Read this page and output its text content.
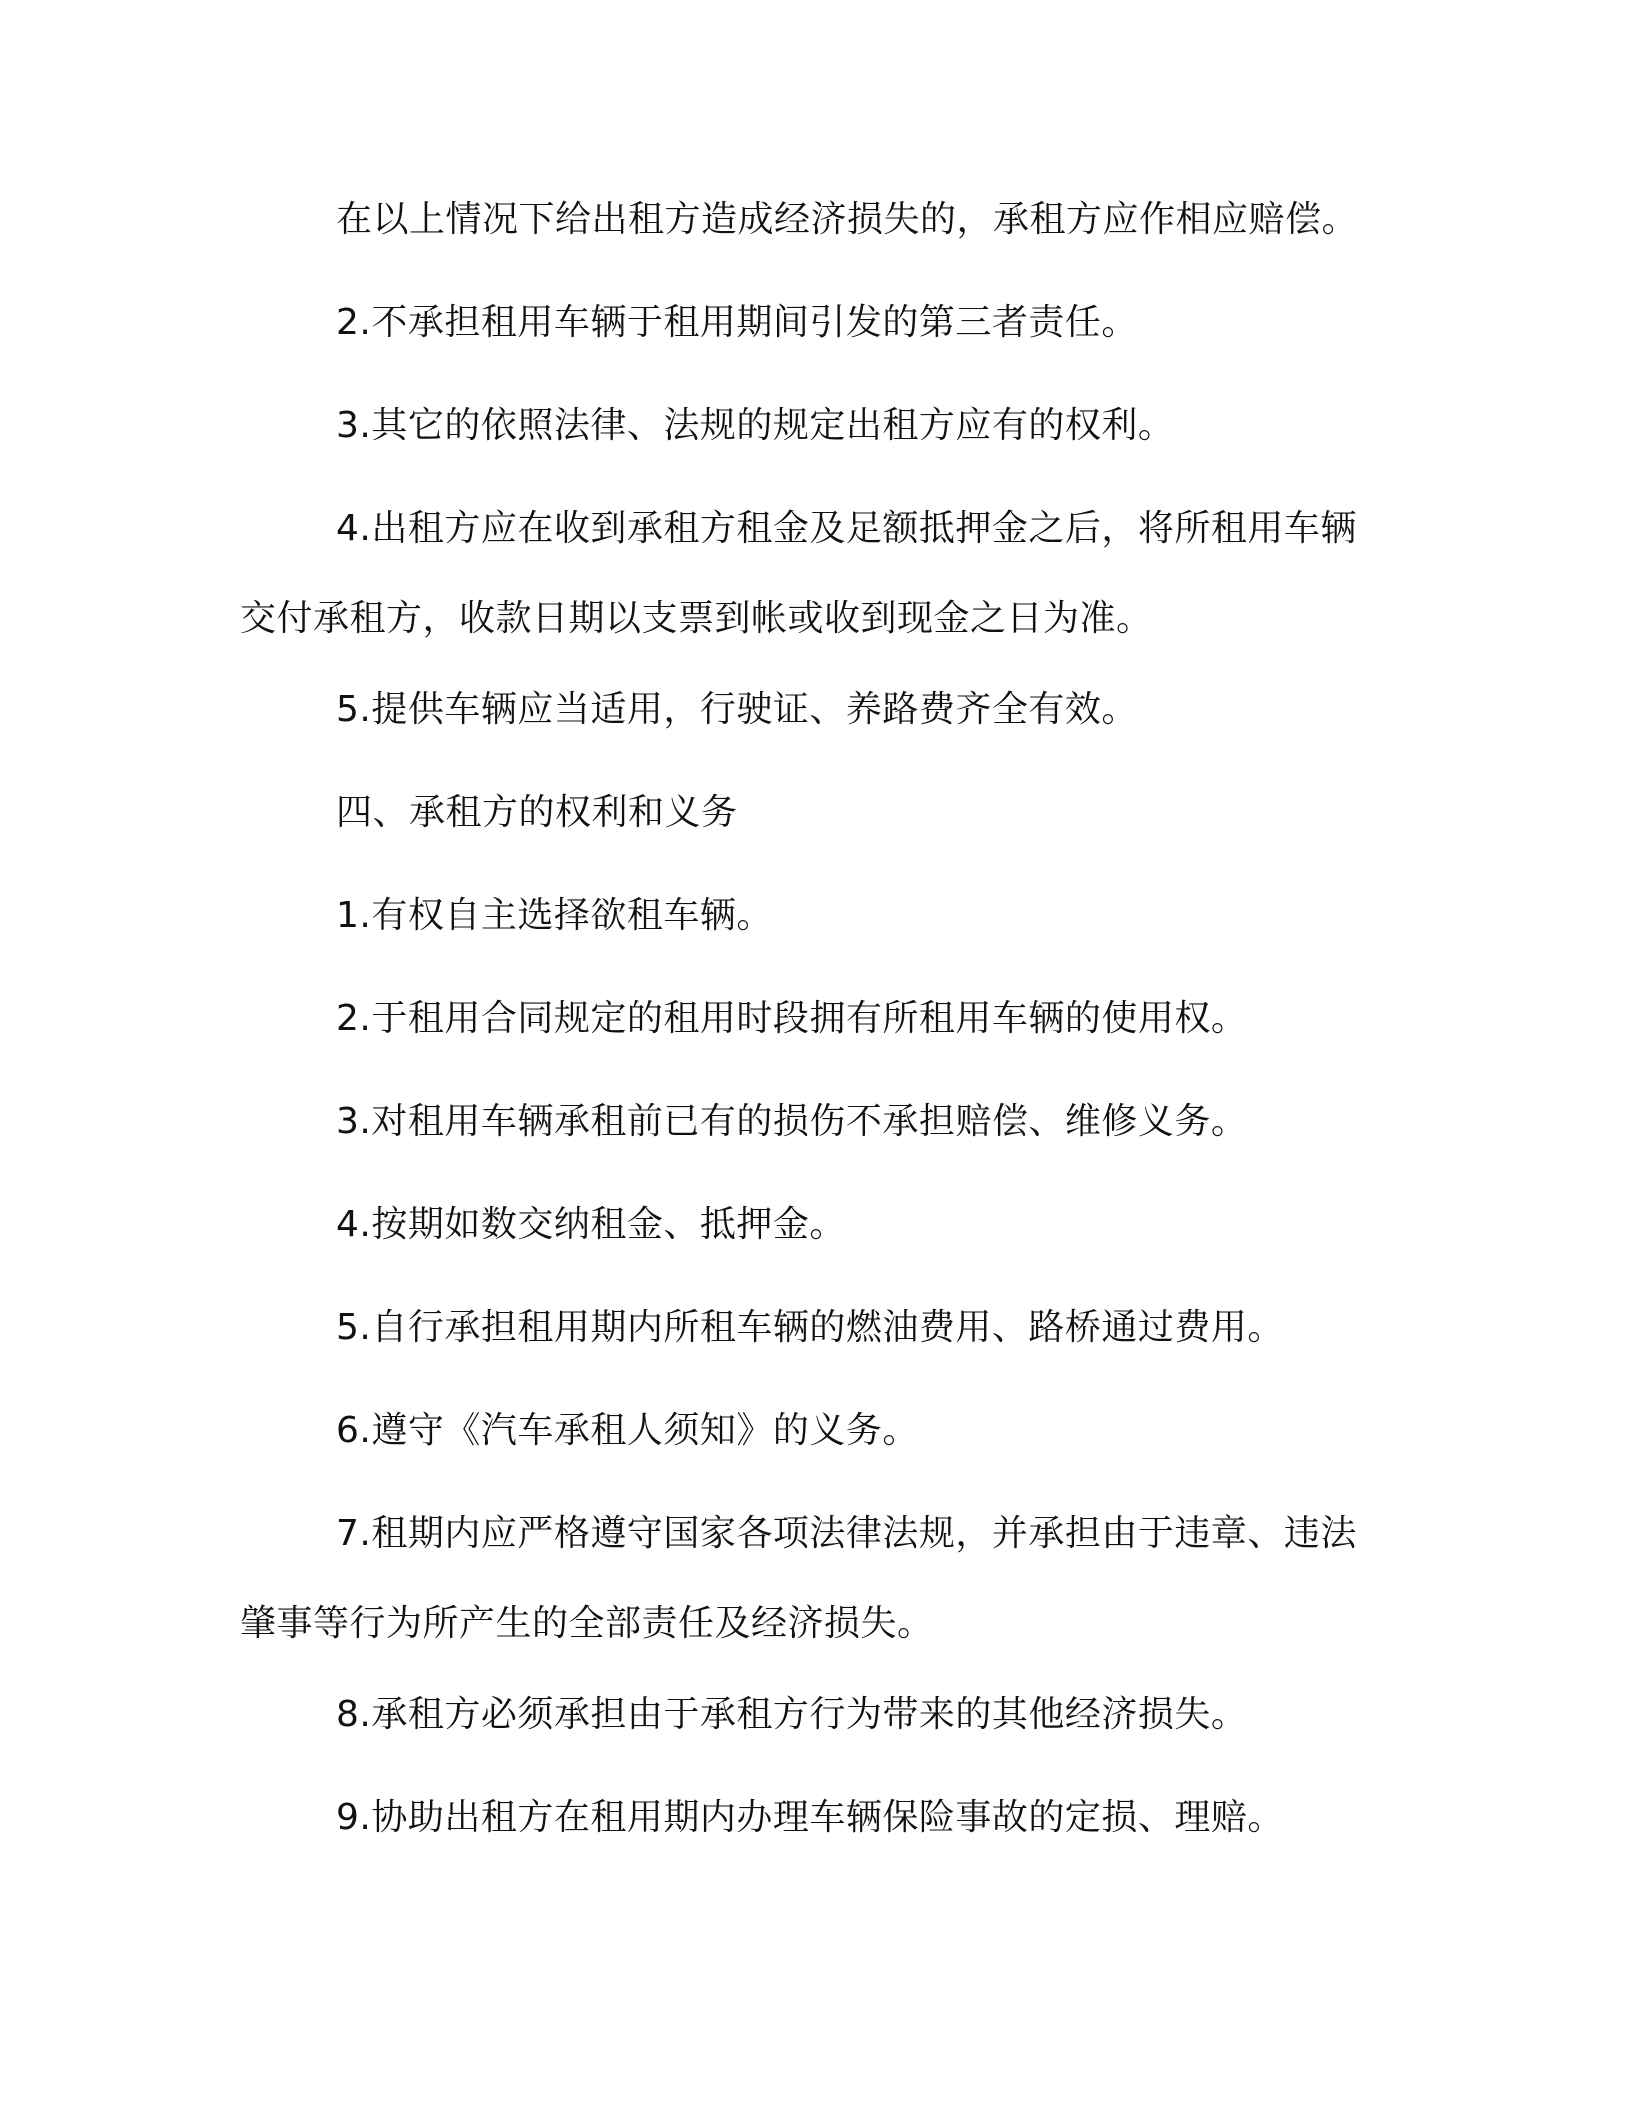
在以上情况下给出租方造成经济损失的，承租方应作相应赔偿。

2.不承担租用车辆于租用期间引发的第三者责任。

3.其它的依照法律、法规的规定出租方应有的权利。

4.出租方应在收到承租方租金及足额抵押金之后，将所租用车辆
交付承租方，收款日期以支票到帐或收到现金之日为准。

5.提供车辆应当适用，行驶证、养路费齐全有效。

四、承租方的权利和义务

1.有权自主选择欲租车辆。

2.于租用合同规定的租用时段拥有所租用车辆的使用权。

3.对租用车辆承租前已有的损伤不承担赔偿、维修义务。

4.按期如数交纳租金、抵押金。

5.自行承担租用期内所租车辆的燃油费用、路桥通过费用。

6.遵守《汽车承租人须知》的义务。

7.租期内应严格遵守国家各项法律法规，并承担由于违章、违法
肇事等行为所产生的全部责任及经济损失。

8.承租方必须承担由于承租方行为带来的其他经济损失。

9.协助出租方在租用期内办理车辆保险事故的定损、理赔。
